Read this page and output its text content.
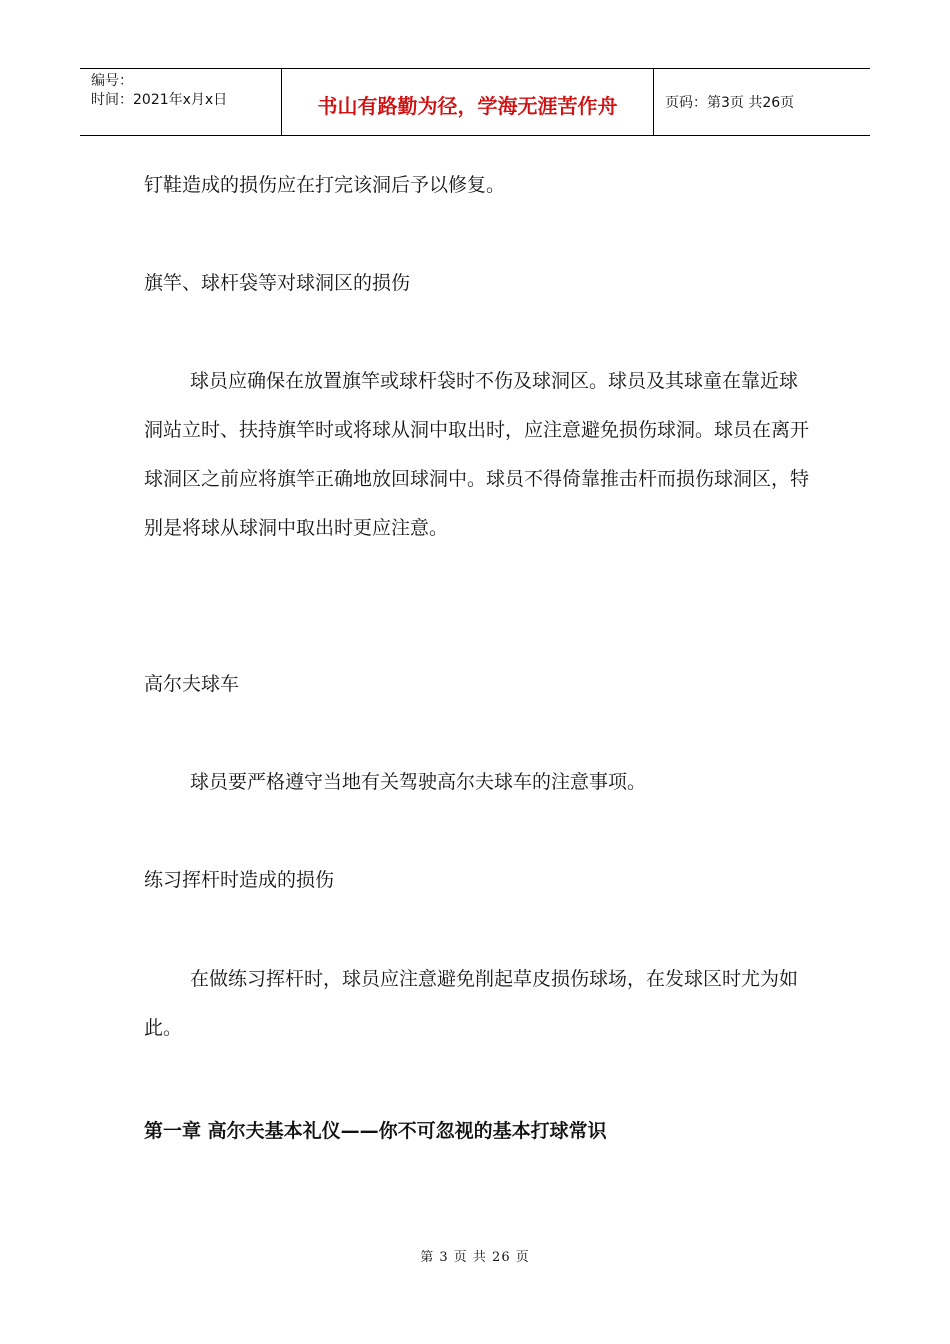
编号：
时间：2021年x月x日	书山有路勤为径，学海无涯苦作舟	页码：第3页 共26页

钉鞋造成的损伤应在打完该洞后予以修复。

旗竿、球杆袋等对球洞区的损伤

球员应确保在放置旗竿或球杆袋时不伤及球洞区。球员及其球童在靠近球洞站立时、扶持旗竿时或将球从洞中取出时，应注意避免损伤球洞。球员在离开球洞区之前应将旗竿正确地放回球洞中。球员不得倚靠推击杆而损伤球洞区，特别是将球从球洞中取出时更应注意。

高尔夫球车

球员要严格遵守当地有关驾驶高尔夫球车的注意事项。

练习挥杆时造成的损伤

在做练习挥杆时，球员应注意避免削起草皮损伤球场，在发球区时尤为如此。

第一章 高尔夫基本礼仪——你不可忽视的基本打球常识

第 3 页 共 26 页
